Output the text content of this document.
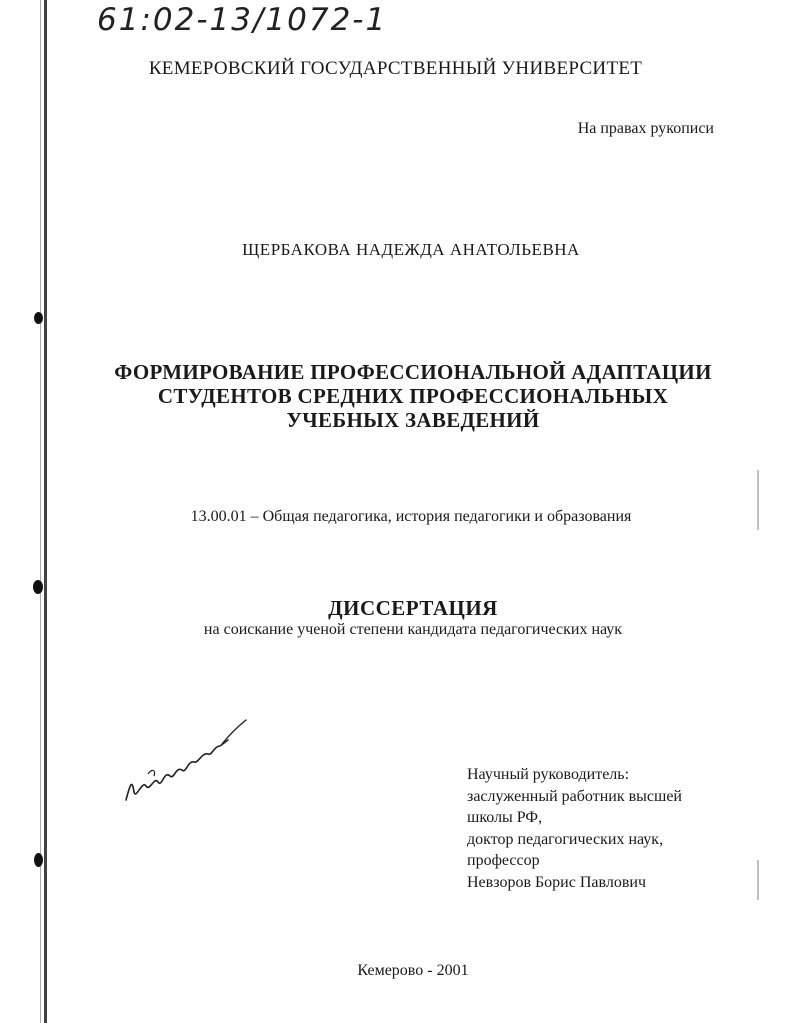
61:02-13/1072-1
КЕМЕРОВСКИЙ ГОСУДАРСТВЕННЫЙ УНИВЕРСИТЕТ
На правах рукописи
ЩЕРБАКОВА НАДЕЖДА АНАТОЛЬЕВНА
ФОРМИРОВАНИЕ ПРОФЕССИОНАЛЬНОЙ АДАПТАЦИИ
СТУДЕНТОВ СРЕДНИХ ПРОФЕССИОНАЛЬНЫХ
УЧЕБНЫХ ЗАВЕДЕНИЙ
13.00.01 – Общая педагогика, история педагогики и образования
ДИССЕРТАЦИЯ
на соискание ученой степени кандидата педагогических наук
Научный руководитель:
заслуженный работник высшей
школы РФ,
доктор педагогических наук,
профессор
Невзоров Борис Павлович
Кемерово - 2001
